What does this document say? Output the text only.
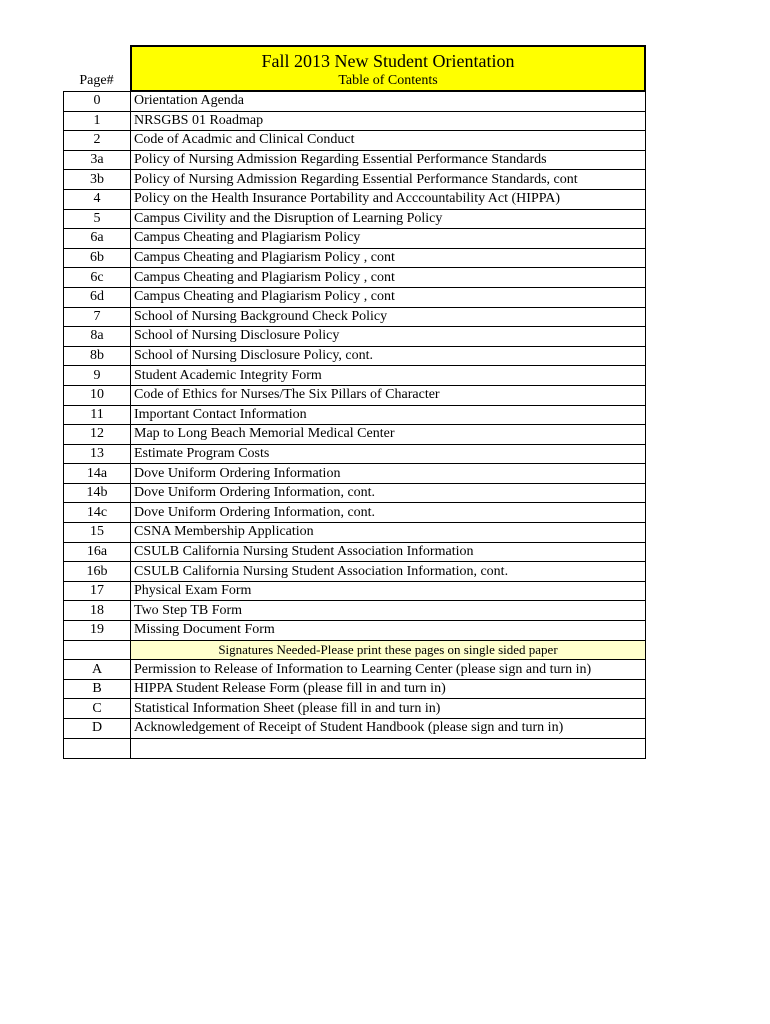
Page#
Fall 2013 New Student Orientation
Table of Contents
0	Orientation Agenda
1	NRSGBS 01 Roadmap
2	Code of Acadmic and Clinical Conduct
3a	Policy of Nursing Admission Regarding Essential Performance Standards
3b	Policy of Nursing Admission Regarding Essential Performance Standards, cont
4	Policy on the Health Insurance Portability and Acccountability Act (HIPPA)
5	Campus Civility and the Disruption of Learning Policy
6a	Campus Cheating and Plagiarism Policy
6b	Campus Cheating and Plagiarism Policy , cont
6c	Campus Cheating and Plagiarism Policy , cont
6d	Campus Cheating and Plagiarism Policy , cont
7	School of Nursing Background Check Policy
8a	School of Nursing Disclosure Policy
8b	School of Nursing Disclosure Policy, cont.
9	Student Academic Integrity Form
10	Code of Ethics for Nurses/The Six Pillars of Character
11	Important Contact Information
12	Map to Long Beach Memorial Medical Center
13	Estimate Program Costs
14a	Dove Uniform Ordering Information
14b	Dove Uniform Ordering Information, cont.
14c	Dove Uniform Ordering Information, cont.
15	CSNA Membership Application
16a	CSULB California Nursing Student Association Information
16b	CSULB California Nursing Student Association Information, cont.
17	Physical Exam Form
18	Two Step TB Form
19	Missing Document Form
	Signatures Needed-Please print these pages on single sided paper
A	Permission to Release of Information to Learning Center (please sign and turn in)
B	HIPPA Student Release Form (please fill in and turn in)
C	Statistical Information Sheet (please fill in and turn in)
D	Acknowledgement of Receipt of Student Handbook (please sign and turn in)
